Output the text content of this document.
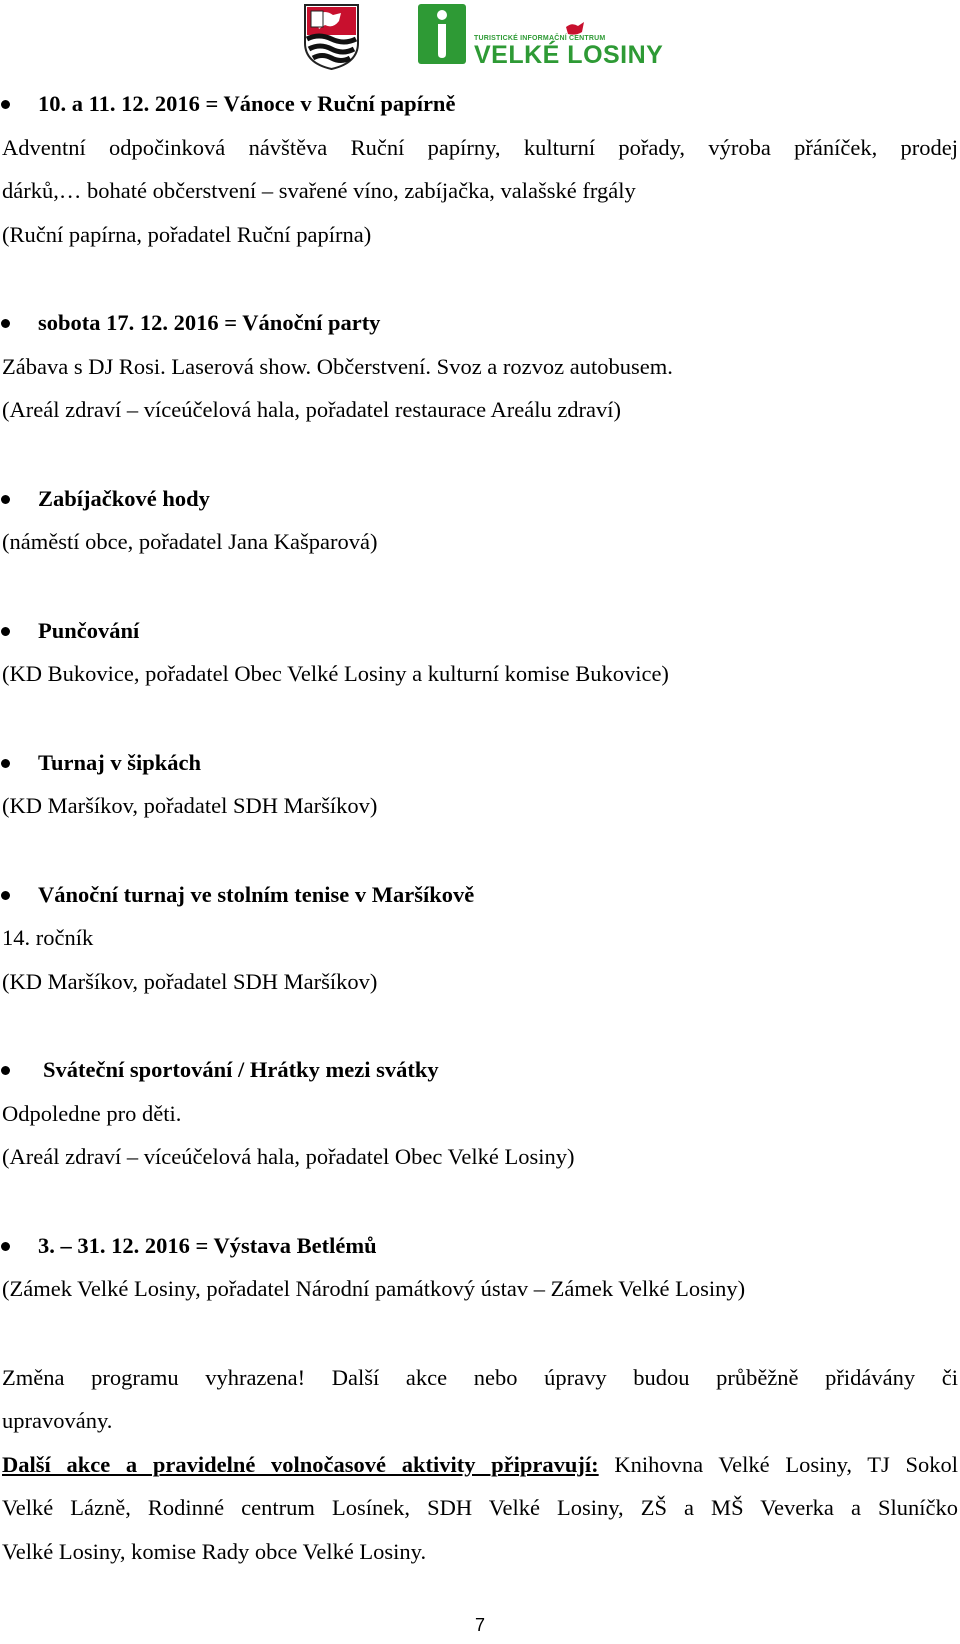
TURISTICKÉ INFORMAČNÍ CENTRUM
VELKÉ LOSINY
10. a 11. 12. 2016 = Vánoce v Ruční papírně
Adventní odpočinková návštěva Ruční papírny, kulturní pořady, výroba přáníček, prodej
dárků,… bohaté občerstvení – svařené víno, zabíjačka, valašské frgály
(Ruční papírna, pořadatel Ruční papírna)
sobota 17. 12. 2016 = Vánoční party
Zábava s DJ Rosi. Laserová show. Občerstvení. Svoz a rozvoz autobusem.
(Areál zdraví – víceúčelová hala, pořadatel restaurace Areálu zdraví)
Zabíjačkové hody
(náměstí obce, pořadatel Jana Kašparová)
Punčování
(KD Bukovice, pořadatel Obec Velké Losiny a kulturní komise Bukovice)
Turnaj v šipkách
(KD Maršíkov, pořadatel SDH Maršíkov)
Vánoční turnaj ve stolním tenise v Maršíkově
14. ročník
(KD Maršíkov, pořadatel SDH Maršíkov)
Sváteční sportování / Hrátky mezi svátky
Odpoledne pro děti.
(Areál zdraví – víceúčelová hala, pořadatel Obec Velké Losiny)
3. – 31. 12. 2016 = Výstava Betlémů
(Zámek Velké Losiny, pořadatel Národní památkový ústav – Zámek Velké Losiny)
Změna programu vyhrazena! Další akce nebo úpravy budou průběžně přidávány či
upravovány.
Další akce a pravidelné volnočasové aktivity připravují: Knihovna Velké Losiny, TJ Sokol
Velké Lázně, Rodinné centrum Losínek, SDH Velké Losiny, ZŠ a MŠ Veverka a Sluníčko
Velké Losiny, komise Rady obce Velké Losiny.
7
